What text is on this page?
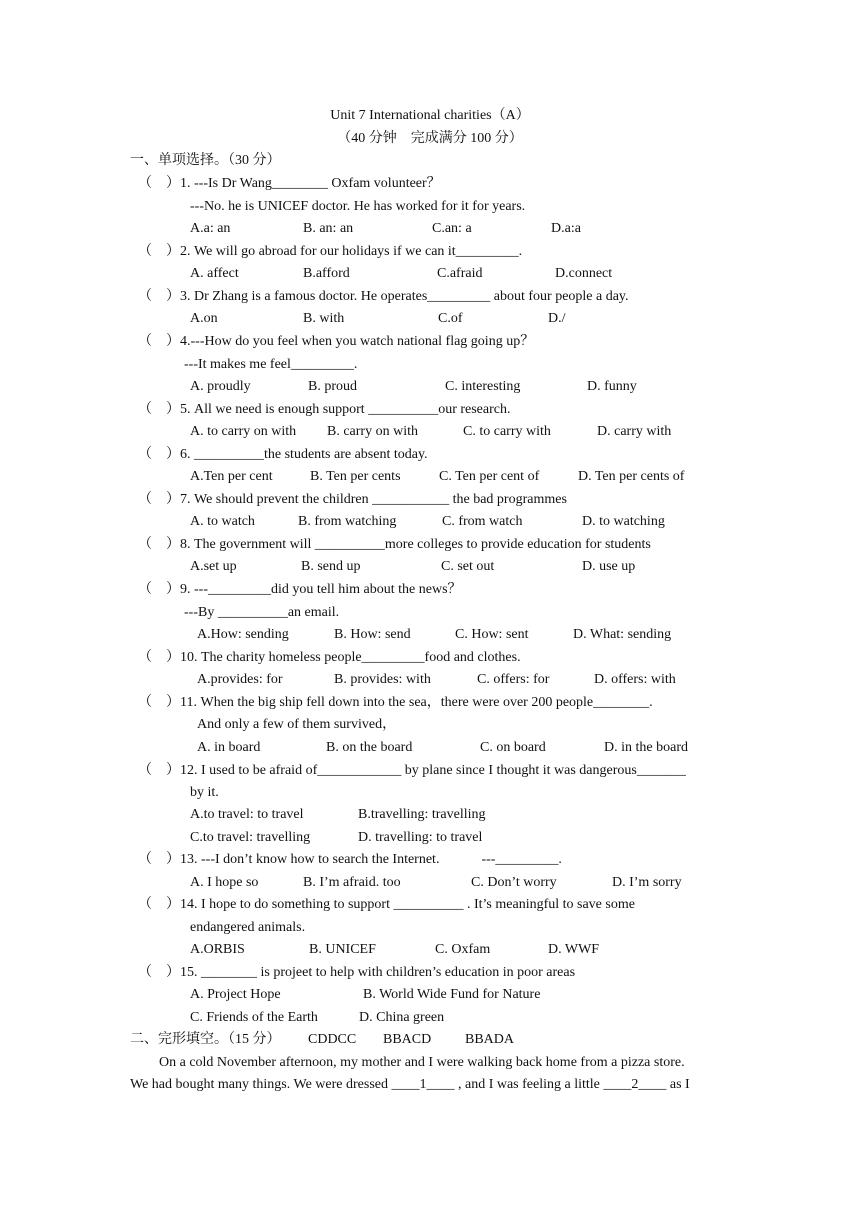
Unit 7 International charities（A）
（40 分钟　完成满分 100 分）
一、单项选择。（30 分）
（　）1. ---Is Dr Wang________ Oxfam volunteer？
---No. he is UNICEF doctor. He has worked for it for years.
A.a: an	B. an: an	C.an: a	D.a:a
（　）2. We will go abroad for our holidays if we can it_________.
A. affect	B.afford	C.afraid	D.connect
（　）3. Dr Zhang is a famous doctor. He operates_________ about four people a day.
A.on	B. with	C.of	D./
（　）4.---How do you feel when you watch national flag going up？
---It makes me feel_________.
A. proudly	B. proud	C. interesting	D. funny
（　）5. All we need is enough support __________our research.
A. to carry on with B. carry on with	C. to carry with	D. carry with
（　）6. __________the students are absent today.
A.Ten per cent	B. Ten per cents	C. Ten per cent of	D. Ten per cents of
（　）7. We should prevent the children ___________ the bad programmes
A. to watch	B. from watching	C. from watch	D. to watching
（　）8. The government will __________more colleges to provide education for students
A.set up	B. send up	C. set out	D. use up
（　）9. ---_________did you tell him about the news？
---By __________an email.
A.How: sending	B. How: send	C. How: sent	D. What: sending
（　）10. The charity homeless people_________food and clothes.
A.provides: for	B. provides: with	C. offers: for	D. offers: with
（　）11. When the big ship fell down into the sea，there were over 200 people________.
And only a few of them survived，
A. in board	B. on the board	C. on board	D. in the board
（　）12. I used to be afraid of____________ by plane since I thought it was dangerous_______
by it.
A.to travel: to travel	B.travelling: travelling
C.to travel: travelling	D. travelling: to travel
（　）13. ---I don’t know how to search the Internet.            ---_________.
A. I hope so	B. I’m afraid. too	C. Don’t worry	D. I’m sorry
（　）14. I hope to do something to support __________ . It’s meaningful to save some
endangered animals.
A.ORBIS	B. UNICEF	C. Oxfam	D. WWF
（　）15. ________ is projeet to help with children’s education in poor areas
A. Project Hope	B. World Wide Fund for Nature
C. Friends of the Earth	D. China green
二、完形填空。（15 分） CDDCC BBACD BBADA
On a cold November afternoon, my mother and I were walking back home from a pizza store.
We had bought many things. We were dressed ____1____ , and I was feeling a little ____2____ as I
